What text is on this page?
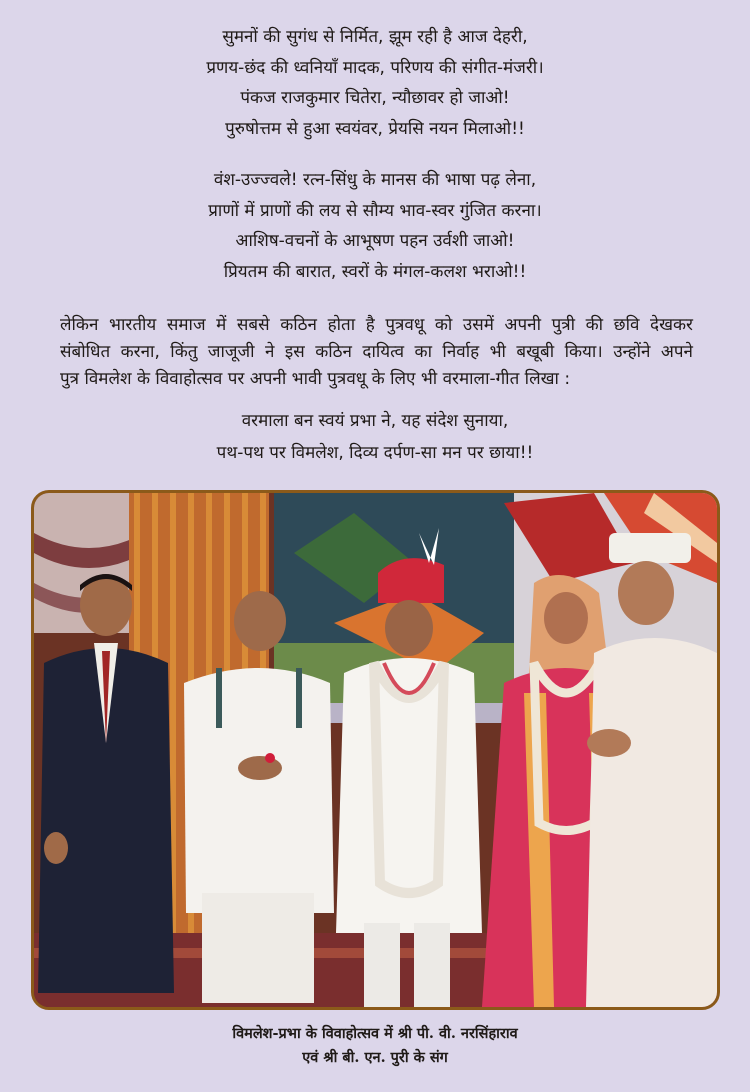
सुमनों की सुगंध से निर्मित, झूम रही है आज देहरी,
प्रणय-छंद की ध्वनियाँ मादक, परिणय की संगीत-मंजरी।
पंकज राजकुमार चितेरा, न्यौछावर हो जाओ!
पुरुषोत्तम से हुआ स्वयंवर, प्रेयसि नयन मिलाओ!!
वंश-उज्ज्वले! रत्न-सिंधु के मानस की भाषा पढ़ लेना,
प्राणों में प्राणों की लय से सौम्य भाव-स्वर गुंजित करना।
आशिष-वचनों के आभूषण पहन उर्वशी जाओ!
प्रियतम की बारात, स्वरों के मंगल-कलश भराओ!!
लेकिन भारतीय समाज में सबसे कठिन होता है पुत्रवधू को उसमें अपनी पुत्री की छवि देखकर
संबोधित करना, किंतु जाजूजी ने इस कठिन दायित्व का निर्वाह भी बखूबी किया। उन्होंने अपने
पुत्र विमलेश के विवाहोत्सव पर अपनी भावी पुत्रवधू के लिए भी वरमाला-गीत लिखा :
वरमाला बन स्वयं प्रभा ने, यह संदेश सुनाया,
पथ-पथ पर विमलेश, दिव्य दर्पण-सा मन पर छाया!!
विमलेश-प्रभा के विवाहोत्सव में श्री पी. वी. नरसिंहाराव
एवं श्री बी. एन. पुरी के संग
